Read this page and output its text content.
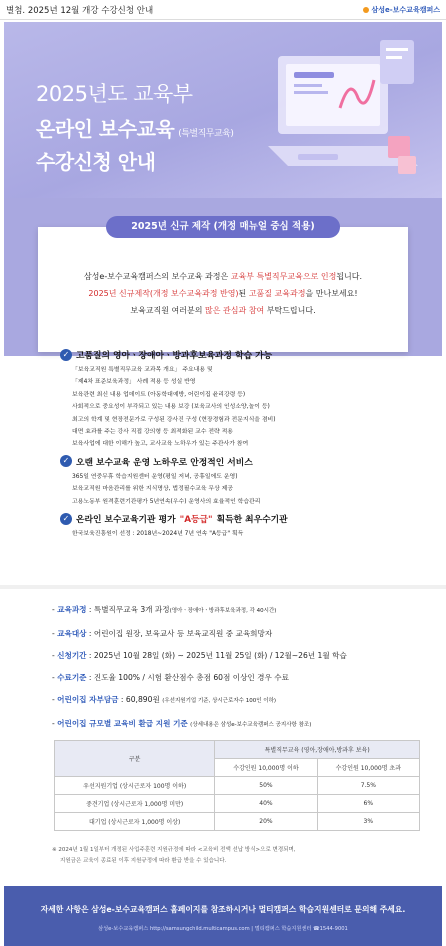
별첨. 2025년 12월 개강 수강신청 안내	삼성e-보수교육캠퍼스
2025년도 교육부
온라인 보수교육 (특별직무교육)
수강신청 안내
2025년 신규 제작 (개정 매뉴얼 중심 적용)
삼성e-보수교육캠퍼스의 보수교육 과정은 교육부 특별직무교육으로 인정됩니다.
2025년 신규제작(개정 보수교육과정 반영)된 고품질 교육과정을 만나보세요!
보육교직원 여러분의 많은 관심과 참여 부탁드립니다.
✓ 고품질의 영아ㆍ장애아ㆍ방과후보육과정 학습 가능
「보육교직원 특별직무교육 교과목 개요」 주요내용 및
「제4차 표준보육과정」 사례 적용 등 성실 반영
보육관련 최신 내용 업데이트 (아동학대예방, 어린이집 윤리강령 등)
사회적으로 중요성이 부각되고 있는 내용 보강 (보육교사의 인성소양,놀이 등)
최고의 학계 및 현장전문가로 구성된 강사진 구성 (현장경험과 전문지식을 겸비)
대면 효과를 주는 강사 직접 강의형 등 최적화된 교수 전략 적용
보육사업에 대한 이해가 높고, 교사교육 노하우가 있는 주관사가 참여
✓ 오랜 보수교육 운영 노하우로 안정적인 서비스
365일 연중무휴 학습지원센터 운영(평일 저녁, 공휴일에도 운영)
보육교직원 마음관리를 위한 지식명상, 법정필수교육 무상 제공
고용노동부 원격훈련기관평가 5년연속(우수) 운영사의 효율적인 학습관리
✓ 온라인 보수교육기관 평가 "A등급" 획득한 최우수기관
한국보육진흥원이 선정 : 2018년~2024년 7년 연속 "A등급" 획득
- 교육과정 : 특별직무교육 3개 과정(영아ㆍ장애아ㆍ방과후보육과정, 각 40시간)
- 교육대상 : 어린이집 원장, 보육교사 등 보육교직원 중 교육희망자
- 신청기간 : 2025년 10월 28일 (화) ~ 2025년 11월 25일 (화) / 12월~26년 1월 학습
- 수료기준 : 진도율 100% / 시험 환산점수 총점 60점 이상인 경우 수료
- 어린이집 자부담금 : 60,890원 (우선지원기업 기준, 상시근로자수 100인 이하)
- 어린이집 규모별 교육비 환급 지원 기준 (상세내용은 삼성e-보수교육캠퍼스 공지사항 참조)
구분	특별직무교육 (영아,장애아,방과후 보육)	
	수강인원 10,000명 이하	수강인원 10,000명 초과
우선지원기업 (상시근로자 100명 이하)	50%	7.5%
중견기업 (상시근로자 1,000명 미만)	40%	6%
대기업 (상시근로자 1,000명 이상)	20%	3%
※ 2024년 1월 1일부터 개정된 사업주훈련 지원규정에 따라 <교육비 전액 선납 방식>으로 변경되며,
지원금은 교육이 종료된 이후 지원규정에 따라 환급 받을 수 있습니다.
자세한 사항은 삼성e-보수교육캠퍼스 홈페이지를 참조하시거나 멀티캠퍼스 학습지원센터로 문의해 주세요.
삼성e-보수교육캠퍼스 http://samsungchild.multicampus.com | 멀티캠퍼스 학습지원센터 ☎1544-9001
